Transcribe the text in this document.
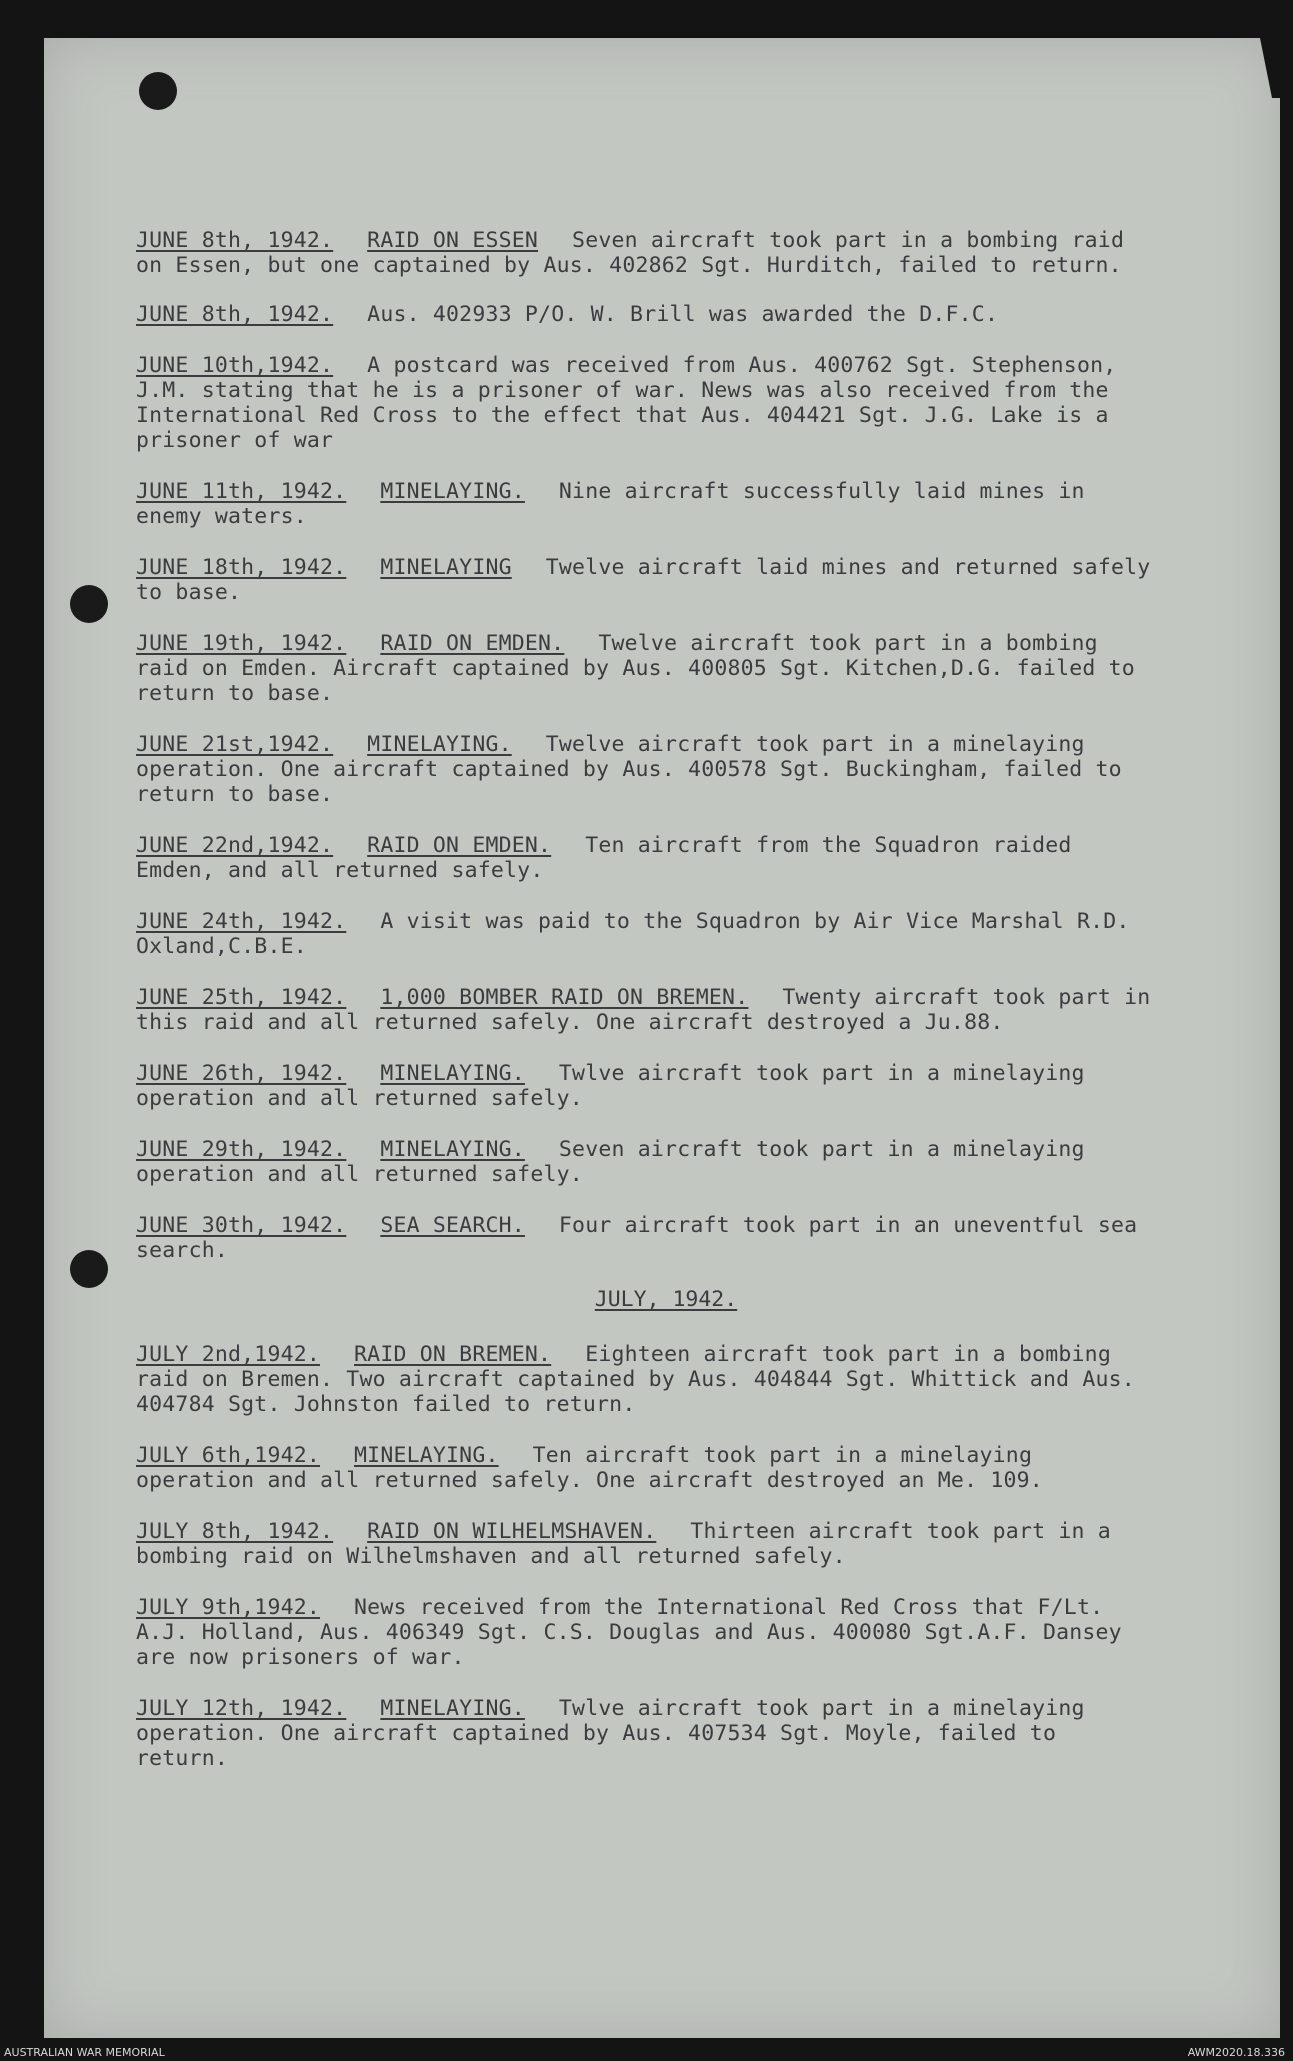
JUNE 8th, 1942. RAID ON ESSEN Seven aircraft took part in a bombing raid on Essen, but one captained by Aus. 402862 Sgt. Hurditch, failed to return.

JUNE 8th, 1942. Aus. 402933 P/O. W. Brill was awarded the D.F.C.

JUNE 10th,1942. A postcard was received from Aus. 400762 Sgt. Stephenson, J.M. stating that he is a prisoner of war. News was also received from the International Red Cross to the effect that Aus. 404421 Sgt. J.G. Lake is a prisoner of war

JUNE 11th, 1942. MINELAYING. Nine aircraft successfully laid mines in enemy waters.

JUNE 18th, 1942. MINELAYING Twelve aircraft laid mines and returned safely to base.

JUNE 19th, 1942. RAID ON EMDEN. Twelve aircraft took part in a bombing raid on Emden. Aircraft captained by Aus. 400805 Sgt. Kitchen,D.G. failed to return to base.

JUNE 21st,1942. MINELAYING. Twelve aircraft took part in a minelaying operation. One aircraft captained by Aus. 400578 Sgt. Buckingham, failed to return to base.

JUNE 22nd,1942. RAID ON EMDEN. Ten aircraft from the Squadron raided Emden, and all returned safely.

JUNE 24th, 1942. A visit was paid to the Squadron by Air Vice Marshal R.D. Oxland,C.B.E.

JUNE 25th, 1942. 1,000 BOMBER RAID ON BREMEN. Twenty aircraft took part in this raid and all returned safely. One aircraft destroyed a Ju.88.

JUNE 26th, 1942. MINELAYING. Twlve aircraft took part in a minelaying operation and all returned safely.

JUNE 29th, 1942. MINELAYING. Seven aircraft took part in a minelaying operation and all returned safely.

JUNE 30th, 1942. SEA SEARCH. Four aircraft took part in an uneventful sea search.

JULY, 1942.

JULY 2nd,1942. RAID ON BREMEN. Eighteen aircraft took part in a bombing raid on Bremen. Two aircraft captained by Aus. 404844 Sgt. Whittick and Aus. 404784 Sgt. Johnston failed to return.

JULY 6th,1942. MINELAYING. Ten aircraft took part in a minelaying operation and all returned safely. One aircraft destroyed an Me. 109.

JULY 8th, 1942. RAID ON WILHELMSHAVEN. Thirteen aircraft took part in a bombing raid on Wilhelmshaven and all returned safely.

JULY 9th,1942. News received from the International Red Cross that F/Lt. A.J. Holland, Aus. 406349 Sgt. C.S. Douglas and Aus. 400080 Sgt.A.F. Dansey are now prisoners of war.

JULY 12th, 1942. MINELAYING. Twlve aircraft took part in a minelaying operation. One aircraft captained by Aus. 407534 Sgt. Moyle, failed to return.

AUSTRALIAN WAR MEMORIAL	AWM2020.18.336
